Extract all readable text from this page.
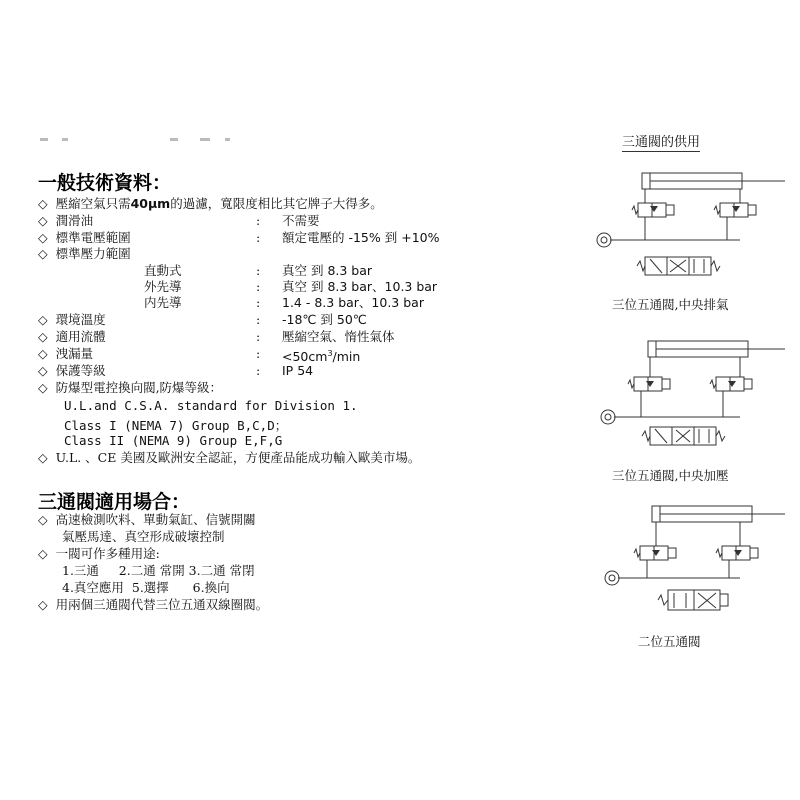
一般技術資料：
◇ 壓縮空氣只需40μm的過濾，寬限度相比其它牌子大得多。
◇ 潤滑油	: 不需要
◇ 標準電壓範圍	: 額定電壓的 -15% 到 +10%
◇ 標準壓力範圍
直動式	: 真空 到 8.3 bar
外先導	: 真空 到 8.3 bar、10.3 bar
内先導	: 1.4 - 8.3 bar、10.3 bar
◇ 環境溫度	: -18℃ 到 50℃
◇ 適用流體	: 壓縮空氣、惰性氣体
◇ 洩漏量	: $<50cm^3/\min$
◇ 保護等級	: IP 54
◇ 防爆型電控換向閥,防爆等級：
U.L.and C.S.A. standard for Division 1.
Class I (NEMA 7) Group B,C,D；
Class II (NEMA 9) Group E,F,G
◇ U.L. 、CE 美國及歐洲安全認証，方便產品能成功輸入歐美市場。
三通閥適用場合：
◇ 高速檢測吹料、單動氣缸、信號開關
氣壓馬達、真空形成破壞控制
◇ 一閥可作多種用途:
1.三通     2.二通 常開 3.二通 常閉
4.真空應用  5.選擇      6.換向
◇ 用兩個三通閥代替三位五通双線圈閥。
三通閥的供用
三位五通閥,中央排氣
三位五通閥,中央加壓
二位五通閥
